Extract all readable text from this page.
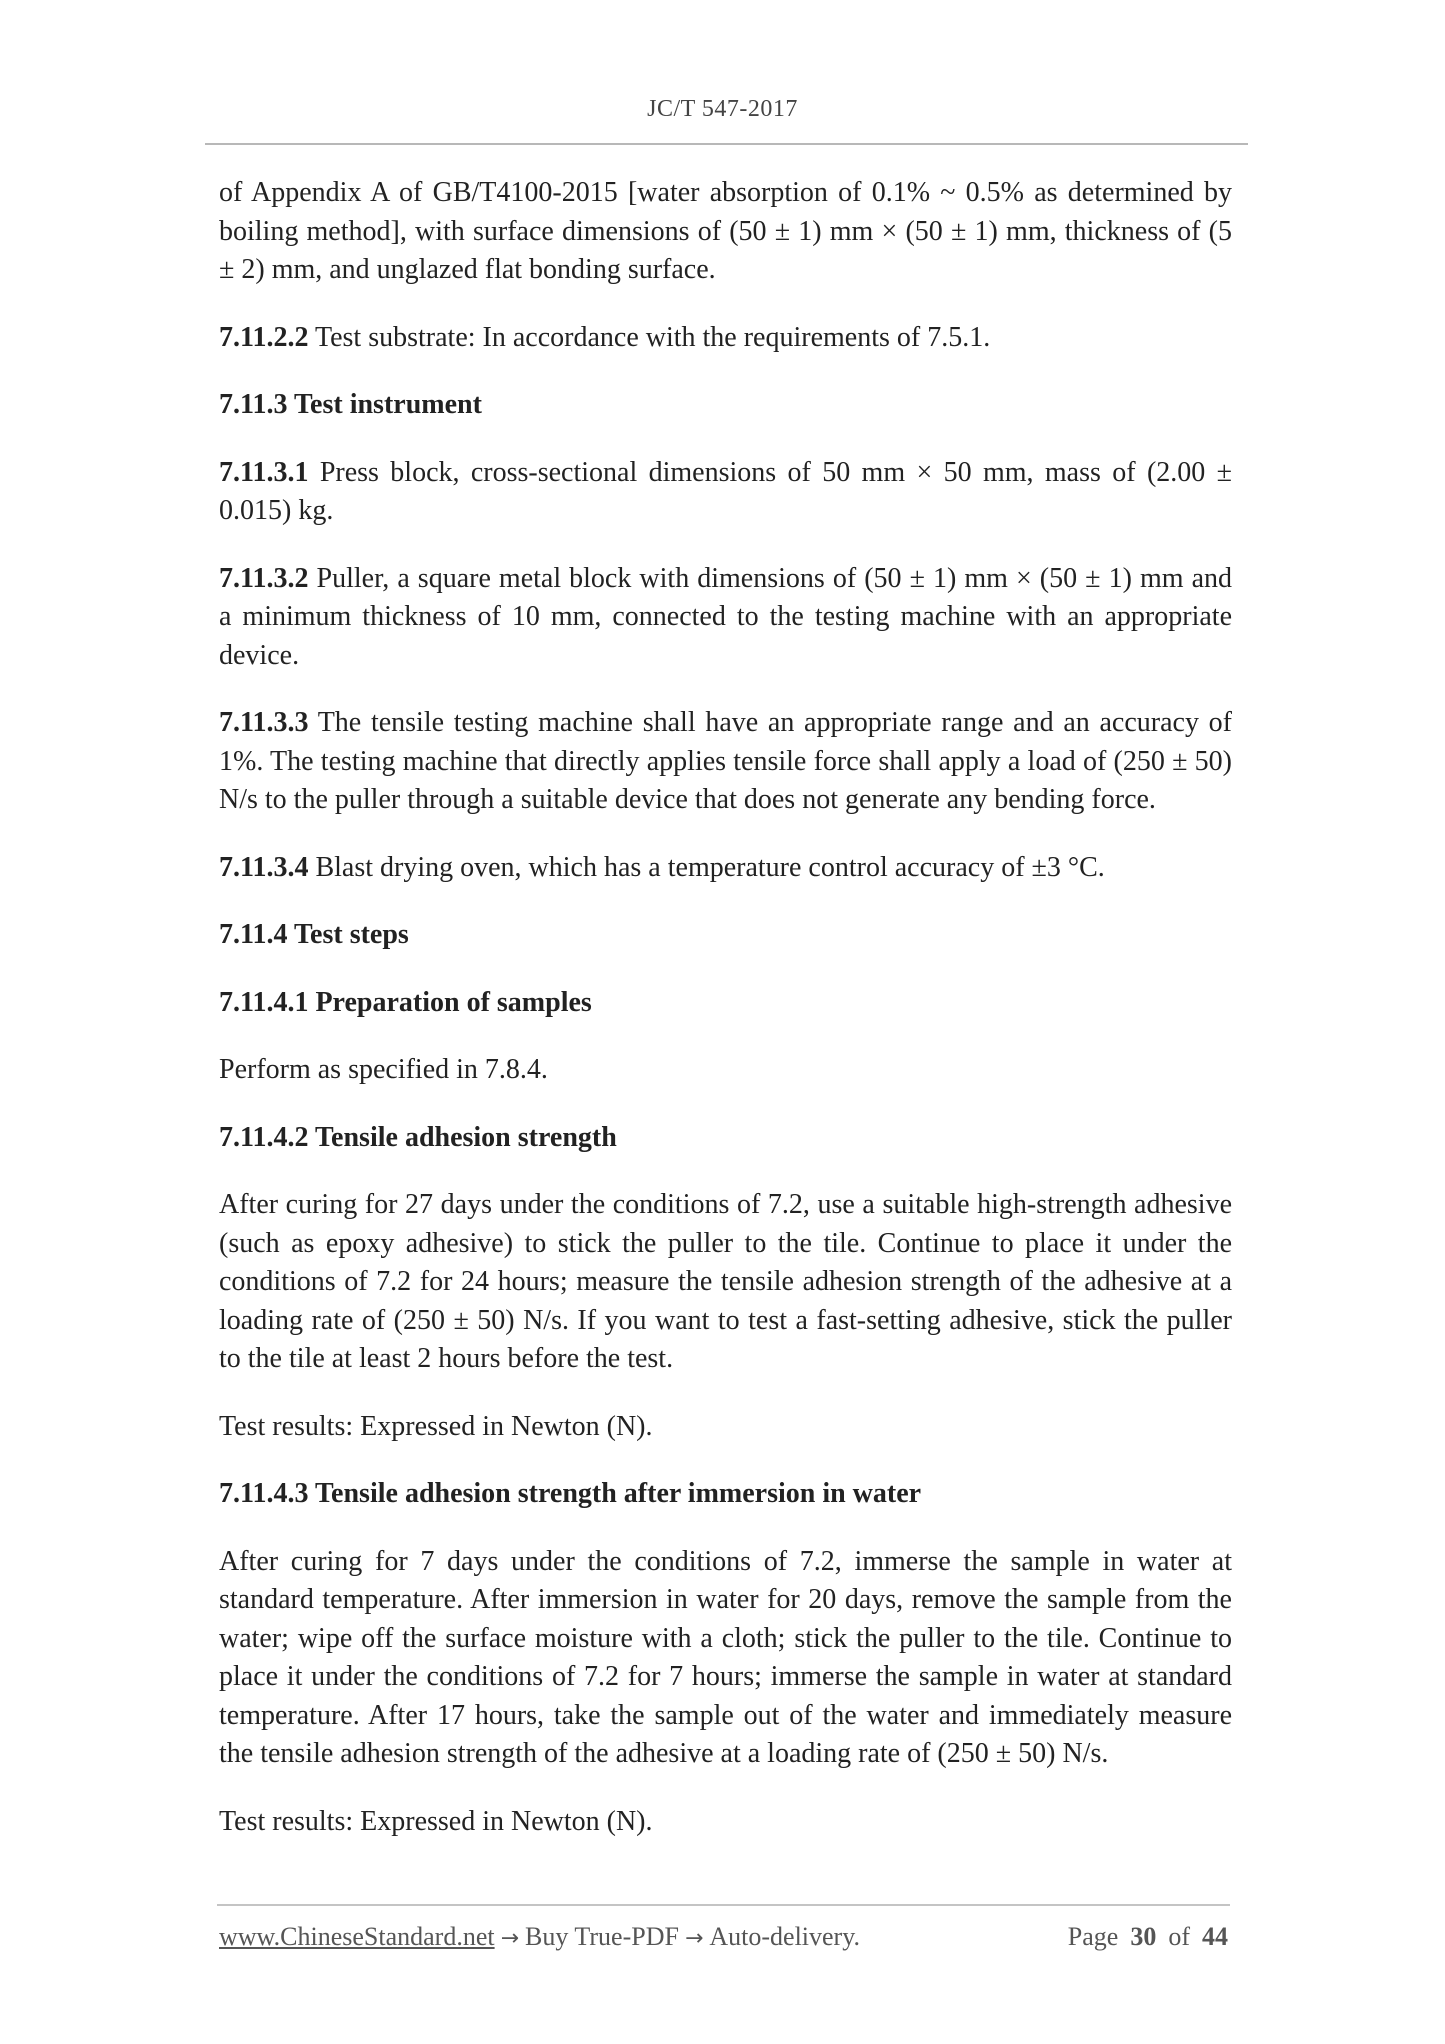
JC/T 547-2017

of Appendix A of GB/T4100-2015 [water absorption of 0.1% ~ 0.5% as determined by boiling method], with surface dimensions of (50 ± 1) mm × (50 ± 1) mm, thickness of (5 ± 2) mm, and unglazed flat bonding surface.

7.11.2.2 Test substrate: In accordance with the requirements of 7.5.1.

7.11.3 Test instrument

7.11.3.1 Press block, cross-sectional dimensions of 50 mm × 50 mm, mass of (2.00 ± 0.015) kg.

7.11.3.2 Puller, a square metal block with dimensions of (50 ± 1) mm × (50 ± 1) mm and a minimum thickness of 10 mm, connected to the testing machine with an appropriate device.

7.11.3.3 The tensile testing machine shall have an appropriate range and an accuracy of 1%. The testing machine that directly applies tensile force shall apply a load of (250 ± 50) N/s to the puller through a suitable device that does not generate any bending force.

7.11.3.4 Blast drying oven, which has a temperature control accuracy of ±3 °C.

7.11.4 Test steps

7.11.4.1 Preparation of samples

Perform as specified in 7.8.4.

7.11.4.2 Tensile adhesion strength

After curing for 27 days under the conditions of 7.2, use a suitable high-strength adhesive (such as epoxy adhesive) to stick the puller to the tile. Continue to place it under the conditions of 7.2 for 24 hours; measure the tensile adhesion strength of the adhesive at a loading rate of (250 ± 50) N/s. If you want to test a fast-setting adhesive, stick the puller to the tile at least 2 hours before the test.

Test results: Expressed in Newton (N).

7.11.4.3 Tensile adhesion strength after immersion in water

After curing for 7 days under the conditions of 7.2, immerse the sample in water at standard temperature. After immersion in water for 20 days, remove the sample from the water; wipe off the surface moisture with a cloth; stick the puller to the tile. Continue to place it under the conditions of 7.2 for 7 hours; immerse the sample in water at standard temperature. After 17 hours, take the sample out of the water and immediately measure the tensile adhesion strength of the adhesive at a loading rate of (250 ± 50) N/s.

Test results: Expressed in Newton (N).

www.ChineseStandard.net → Buy True-PDF → Auto-delivery.	Page 30 of 44
